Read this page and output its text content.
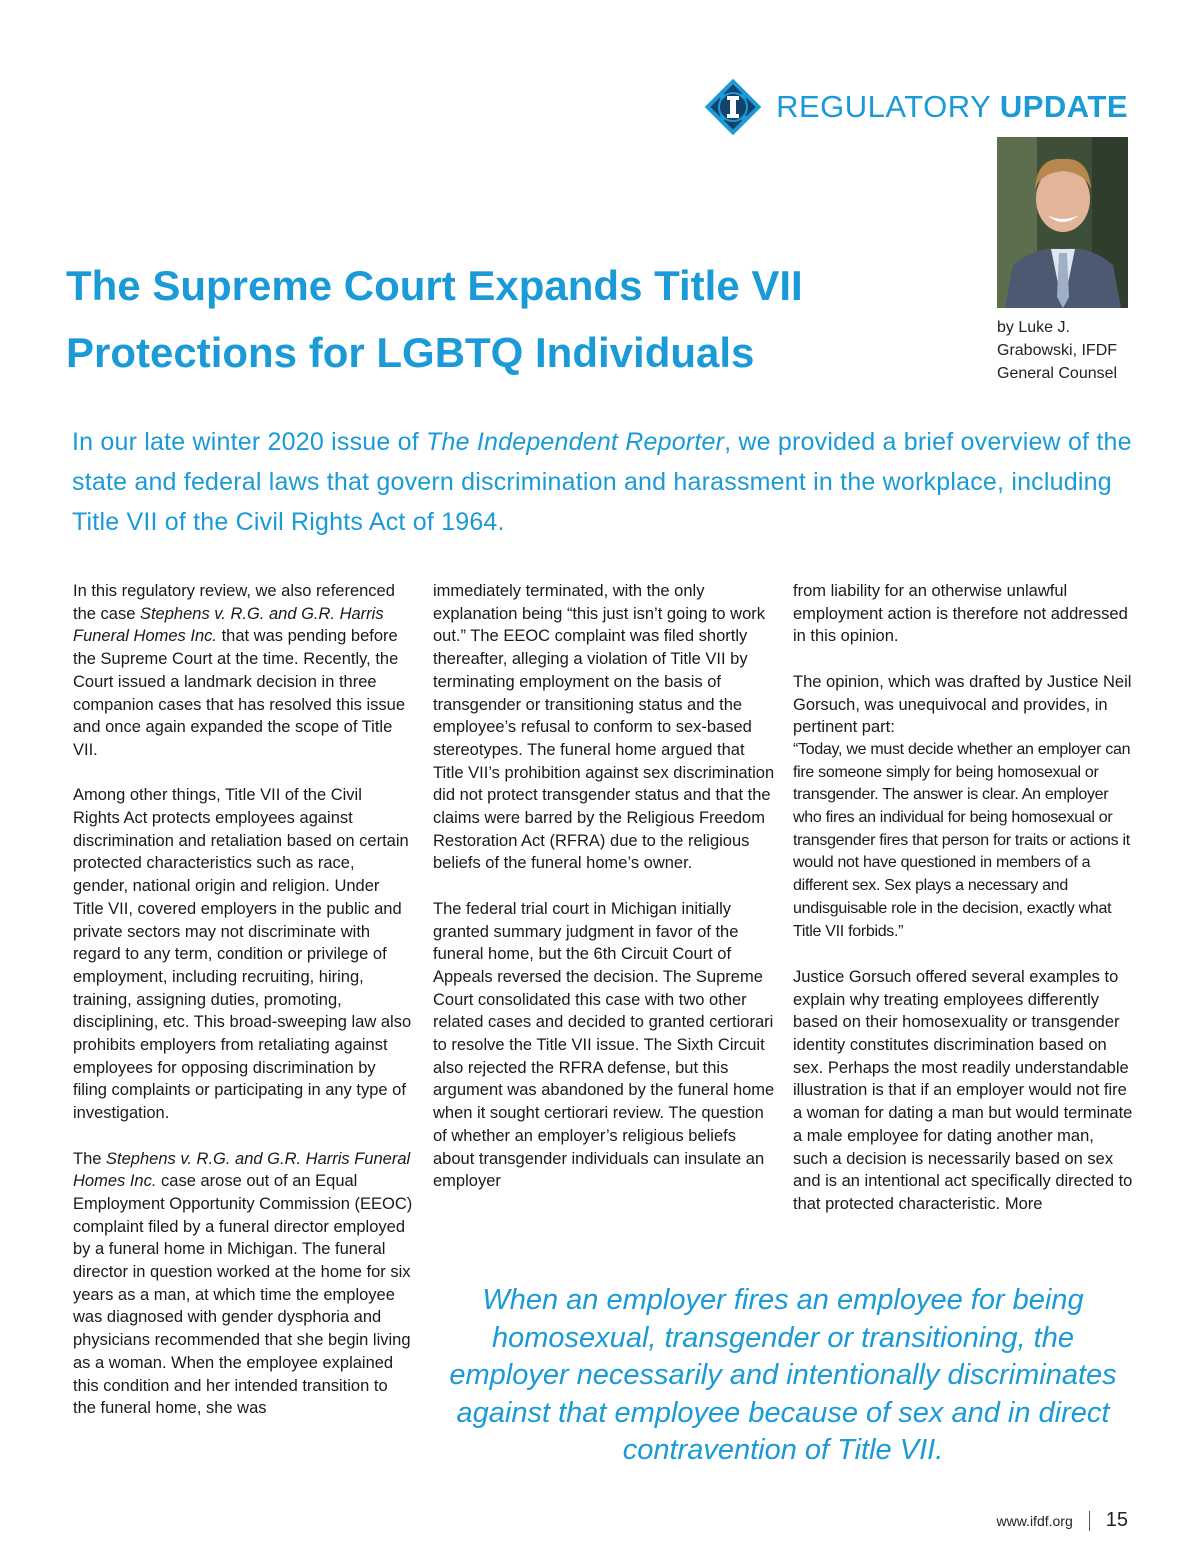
REGULATORY UPDATE
by Luke J.
Grabowski, IFDF
General Counsel
The Supreme Court Expands Title VII
Protections for LGBTQ Individuals

In our late winter 2020 issue of The Independent Reporter, we provided a brief overview of the state and federal laws that govern discrimination and harassment in the workplace, including Title VII of the Civil Rights Act of 1964.

In this regulatory review, we also referenced the case Stephens v. R.G. and G.R. Harris Funeral Homes Inc. that was pending before the Supreme Court at the time. Recently, the Court issued a landmark decision in three companion cases that has resolved this issue and once again expanded the scope of Title VII.

Among other things, Title VII of the Civil Rights Act protects employees against discrimination and retaliation based on certain protected characteristics such as race, gender, national origin and religion. Under Title VII, covered employers in the public and private sectors may not discriminate with regard to any term, condition or privilege of employment, including recruiting, hiring, training, assigning duties, promoting, disciplining, etc. This broad-sweeping law also prohibits employers from retaliating against employees for opposing discrimination by filing complaints or participating in any type of investigation.

The Stephens v. R.G. and G.R. Harris Funeral Homes Inc. case arose out of an Equal Employment Opportunity Commission (EEOC) complaint filed by a funeral director employed by a funeral home in Michigan. The funeral director in question worked at the home for six years as a man, at which time the employee was diagnosed with gender dysphoria and physicians recommended that she begin living as a woman. When the employee explained this condition and her intended transition to the funeral home, she was

immediately terminated, with the only explanation being “this just isn’t going to work out.” The EEOC complaint was filed shortly thereafter, alleging a violation of Title VII by terminating employment on the basis of transgender or transitioning status and the employee’s refusal to conform to sex-based stereotypes. The funeral home argued that Title VII’s prohibition against sex discrimination did not protect transgender status and that the claims were barred by the Religious Freedom Restoration Act (RFRA) due to the religious beliefs of the funeral home’s owner.

The federal trial court in Michigan initially granted summary judgment in favor of the funeral home, but the 6th Circuit Court of Appeals reversed the decision. The Supreme Court consolidated this case with two other related cases and decided to granted certiorari to resolve the Title VII issue. The Sixth Circuit also rejected the RFRA defense, but this argument was abandoned by the funeral home when it sought certiorari review. The question of whether an employer’s religious beliefs about transgender individuals can insulate an employer

from liability for an otherwise unlawful employment action is therefore not addressed in this opinion.

The opinion, which was drafted by Justice Neil Gorsuch, was unequivocal and provides, in pertinent part:

“Today, we must decide whether an employer can fire someone simply for being homosexual or transgender. The answer is clear. An employer who fires an individual for being homosexual or transgender fires that person for traits or actions it would not have questioned in members of a different sex. Sex plays a necessary and undisguisable role in the decision, exactly what Title VII forbids.”

Justice Gorsuch offered several examples to explain why treating employees differently based on their homosexuality or transgender identity constitutes discrimination based on sex. Perhaps the most readily understandable illustration is that if an employer would not fire a woman for dating a man but would terminate a male employee for dating another man, such a decision is necessarily based on sex and is an intentional act specifically directed to that protected characteristic. More

When an employer fires an employee for being homosexual, transgender or transitioning, the employer necessarily and intentionally discriminates against that employee because of sex and in direct contravention of Title VII.

www.ifdf.org 15
